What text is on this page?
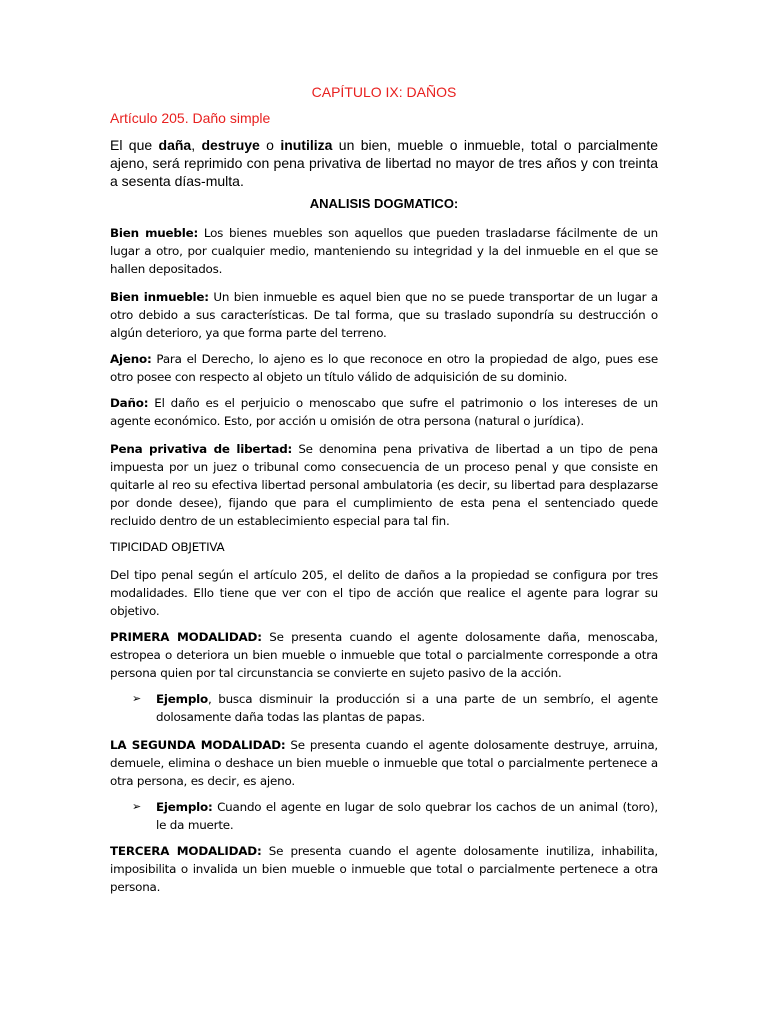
CAPÍTULO IX: DAÑOS
Artículo 205. Daño simple
El que daña, destruye o inutiliza un bien, mueble o inmueble, total o parcialmente ajeno, será reprimido con pena privativa de libertad no mayor de tres años y con treinta a sesenta días-multa.
ANALISIS DOGMATICO:
Bien mueble: Los bienes muebles son aquellos que pueden trasladarse fácilmente de un lugar a otro, por cualquier medio, manteniendo su integridad y la del inmueble en el que se hallen depositados.
Bien inmueble: Un bien inmueble es aquel bien que no se puede transportar de un lugar a otro debido a sus características. De tal forma, que su traslado supondría su destrucción o algún deterioro, ya que forma parte del terreno.
Ajeno: Para el Derecho, lo ajeno es lo que reconoce en otro la propiedad de algo, pues ese otro posee con respecto al objeto un título válido de adquisición de su dominio.
Daño: El daño es el perjuicio o menoscabo que sufre el patrimonio o los intereses de un agente económico. Esto, por acción u omisión de otra persona (natural o jurídica).
Pena privativa de libertad: Se denomina pena privativa de libertad a un tipo de pena impuesta por un juez o tribunal como consecuencia de un proceso penal y que consiste en quitarle al reo su efectiva libertad personal ambulatoria (es decir, su libertad para desplazarse por donde desee), fijando que para el cumplimiento de esta pena el sentenciado quede recluido dentro de un establecimiento especial para tal fin.
TIPICIDAD OBJETIVA
Del tipo penal según el artículo 205, el delito de daños a la propiedad se configura por tres modalidades. Ello tiene que ver con el tipo de acción que realice el agente para lograr su objetivo.
PRIMERA MODALIDAD: Se presenta cuando el agente dolosamente daña, menoscaba, estropea o deteriora un bien mueble o inmueble que total o parcialmente corresponde a otra persona quien por tal circunstancia se convierte en sujeto pasivo de la acción.
➢	Ejemplo, busca disminuir la producción si a una parte de un sembrío, el agente dolosamente daña todas las plantas de papas.
LA SEGUNDA MODALIDAD: Se presenta cuando el agente dolosamente destruye, arruina, demuele, elimina o deshace un bien mueble o inmueble que total o parcialmente pertenece a otra persona, es decir, es ajeno.
➢	Ejemplo: Cuando el agente en lugar de solo quebrar los cachos de un animal (toro), le da muerte.
TERCERA MODALIDAD: Se presenta cuando el agente dolosamente inutiliza, inhabilita, imposibilita o invalida un bien mueble o inmueble que total o parcialmente pertenece a otra persona.
